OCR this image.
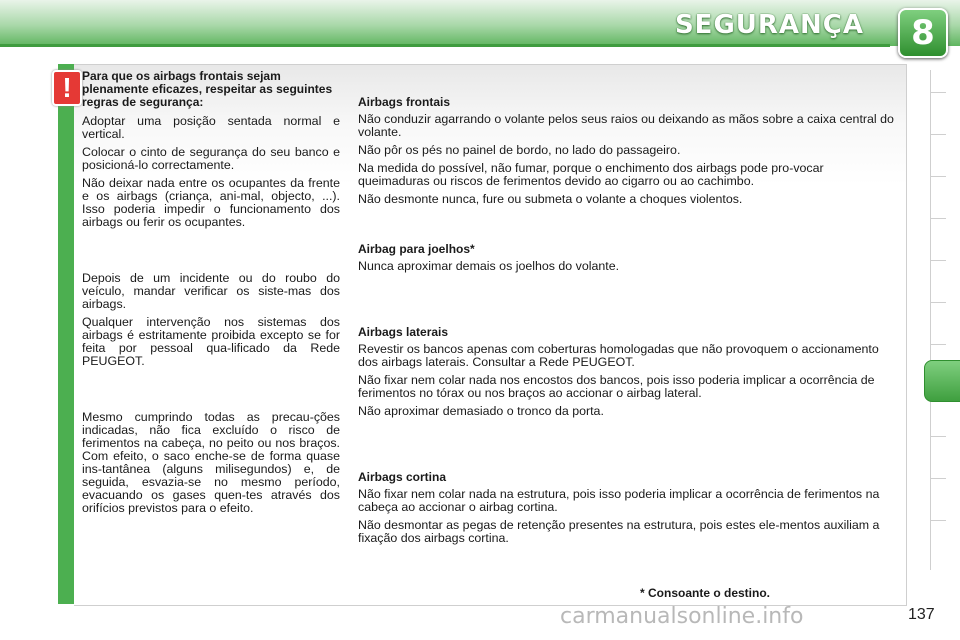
SEGURANÇA	8
! Para que os airbags frontais sejam plenamente eficazes, respeitar as seguintes regras de segurança:
Adoptar uma posição sentada normal e vertical.
Colocar o cinto de segurança do seu banco e posicioná-lo correctamente.
Não deixar nada entre os ocupantes da frente e os airbags (criança, ani-mal, objecto, ...). Isso poderia impedir o funcionamento dos airbags ou ferir os ocupantes.
Depois de um incidente ou do roubo do veículo, mandar verificar os siste-mas dos airbags.
Qualquer intervenção nos sistemas dos airbags é estritamente proibida excepto se for feita por pessoal qua-lificado da Rede PEUGEOT.
Mesmo cumprindo todas as precau-ções indicadas, não fica excluído o risco de ferimentos na cabeça, no peito ou nos braços. Com efeito, o saco enche-se de forma quase ins-tantânea (alguns milisegundos) e, de seguida, esvazia-se no mesmo período, evacuando os gases quen-tes através dos orifícios previstos para o efeito.
Airbags frontais
Não conduzir agarrando o volante pelos seus raios ou deixando as mãos sobre a caixa central do volante.
Não pôr os pés no painel de bordo, no lado do passageiro.
Na medida do possível, não fumar, porque o enchimento dos airbags pode pro-vocar queimaduras ou riscos de ferimentos devido ao cigarro ou ao cachimbo.
Não desmonte nunca, fure ou submeta o volante a choques violentos.
Airbag para joelhos*
Nunca aproximar demais os joelhos do volante.
Airbags laterais
Revestir os bancos apenas com coberturas homologadas que não provoquem o accionamento dos airbags laterais. Consultar a Rede PEUGEOT.
Não fixar nem colar nada nos encostos dos bancos, pois isso poderia implicar a ocorrência de ferimentos no tórax ou nos braços ao accionar o airbag lateral.
Não aproximar demasiado o tronco da porta.
Airbags cortina
Não fixar nem colar nada na estrutura, pois isso poderia implicar a ocorrência de ferimentos na cabeça ao accionar o airbag cortina.
Não desmontar as pegas de retenção presentes na estrutura, pois estes ele-mentos auxiliam a fixação dos airbags cortina.
* Consoante o destino.
carmanualsonline.info	137
